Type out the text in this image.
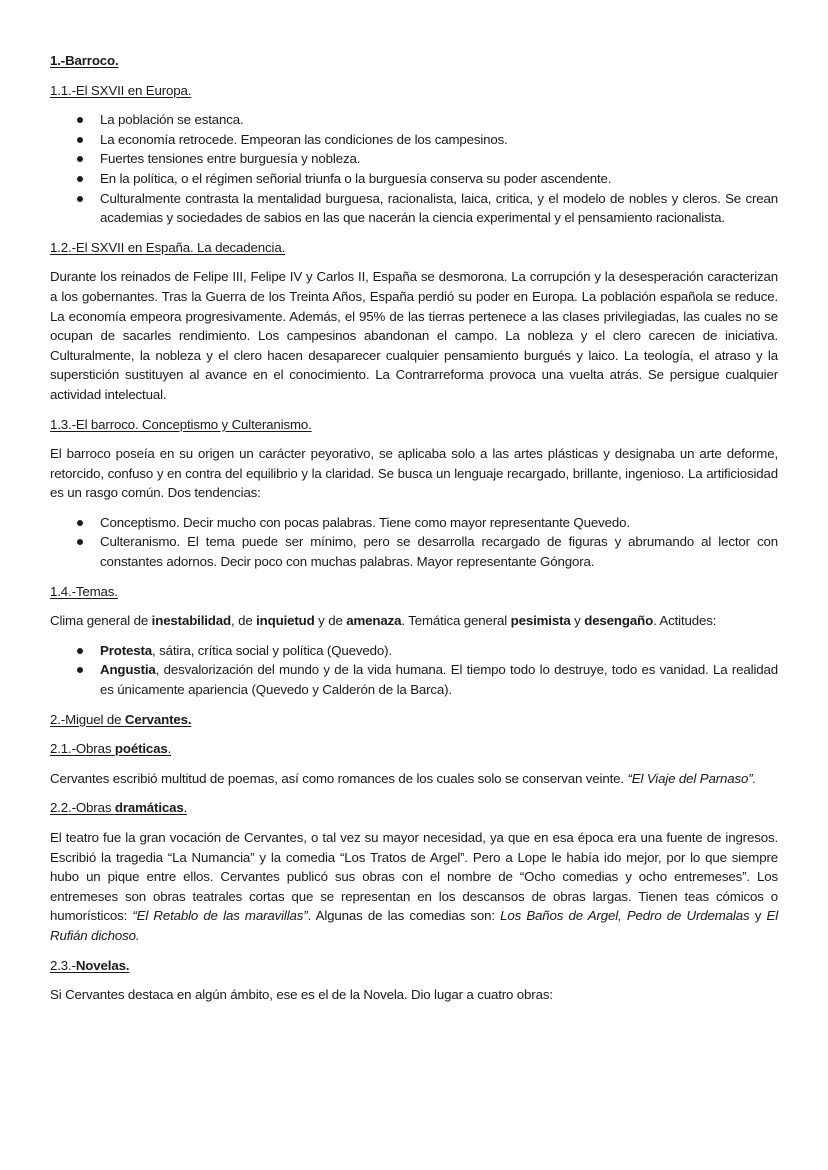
1.-Barroco.
1.1.-El SXVII en Europa.
La población se estanca.
La economía retrocede. Empeoran las condiciones de los campesinos.
Fuertes tensiones entre burguesía y nobleza.
En la política, o el régimen señorial triunfa o la burguesía conserva su poder ascendente.
Culturalmente contrasta la mentalidad burguesa, racionalista, laica, critica, y el modelo de nobles y cleros. Se crean academias y sociedades de sabios en las que nacerán la ciencia experimental y el pensamiento racionalista.
1.2.-El SXVII en España. La decadencia.

Durante los reinados de Felipe III, Felipe IV y Carlos II, España se desmorona. La corrupción y la desesperación caracterizan a los gobernantes. Tras la Guerra de los Treinta Años, España perdió su poder en Europa. La población española se reduce. La economía empeora progresivamente. Además, el 95% de las tierras pertenece a las clases privilegiadas, las cuales no se ocupan de sacarles rendimiento. Los campesinos abandonan el campo. La nobleza y el clero carecen de iniciativa. Culturalmente, la nobleza y el clero hacen desaparecer cualquier pensamiento burgués y laico. La teología, el atraso y la superstición sustituyen al avance en el conocimiento. La Contrarreforma provoca una vuelta atrás. Se persigue cualquier actividad intelectual.

1.3.-El barroco. Conceptismo y Culteranismo.

El barroco poseía en su origen un carácter peyorativo, se aplicaba solo a las artes plásticas y designaba un arte deforme, retorcido, confuso y en contra del equilibrio y la claridad. Se busca un lenguaje recargado, brillante, ingenioso. La artificiosidad es un rasgo común. Dos tendencias:

Conceptismo. Decir mucho con pocas palabras. Tiene como mayor representante Quevedo.
Culteranismo. El tema puede ser mínimo, pero se desarrolla recargado de figuras y abrumando al lector con constantes adornos. Decir poco con muchas palabras. Mayor representante Góngora.
1.4.-Temas.

Clima general de inestabilidad, de inquietud y de amenaza. Temática general pesimista y desengaño. Actitudes:

Protesta, sátira, crítica social y política (Quevedo).
Angustia, desvalorización del mundo y de la vida humana. El tiempo todo lo destruye, todo es vanidad. La realidad es únicamente apariencia (Quevedo y Calderón de la Barca).
2.-Miguel de Cervantes.
2.1.-Obras poéticas.

Cervantes escribió multitud de poemas, así como romances de los cuales solo se conservan veinte. “El Viaje del Parnaso”.

2.2.-Obras dramáticas.

El teatro fue la gran vocación de Cervantes, o tal vez su mayor necesidad, ya que en esa época era una fuente de ingresos. Escribió la tragedia “La Numancia” y la comedia “Los Tratos de Argel”. Pero a Lope le había ido mejor, por lo que siempre hubo un pique entre ellos. Cervantes publicó sus obras con el nombre de “Ocho comedias y ocho entremeses”. Los entremeses son obras teatrales cortas que se representan en los descansos de obras largas. Tienen teas cómicos o humorísticos: “El Retablo de las maravillas”. Algunas de las comedias son: Los Baños de Argel, Pedro de Urdemalas y El Rufián dichoso.

2.3.-Novelas.

Si Cervantes destaca en algún ámbito, ese es el de la Novela. Dio lugar a cuatro obras:
